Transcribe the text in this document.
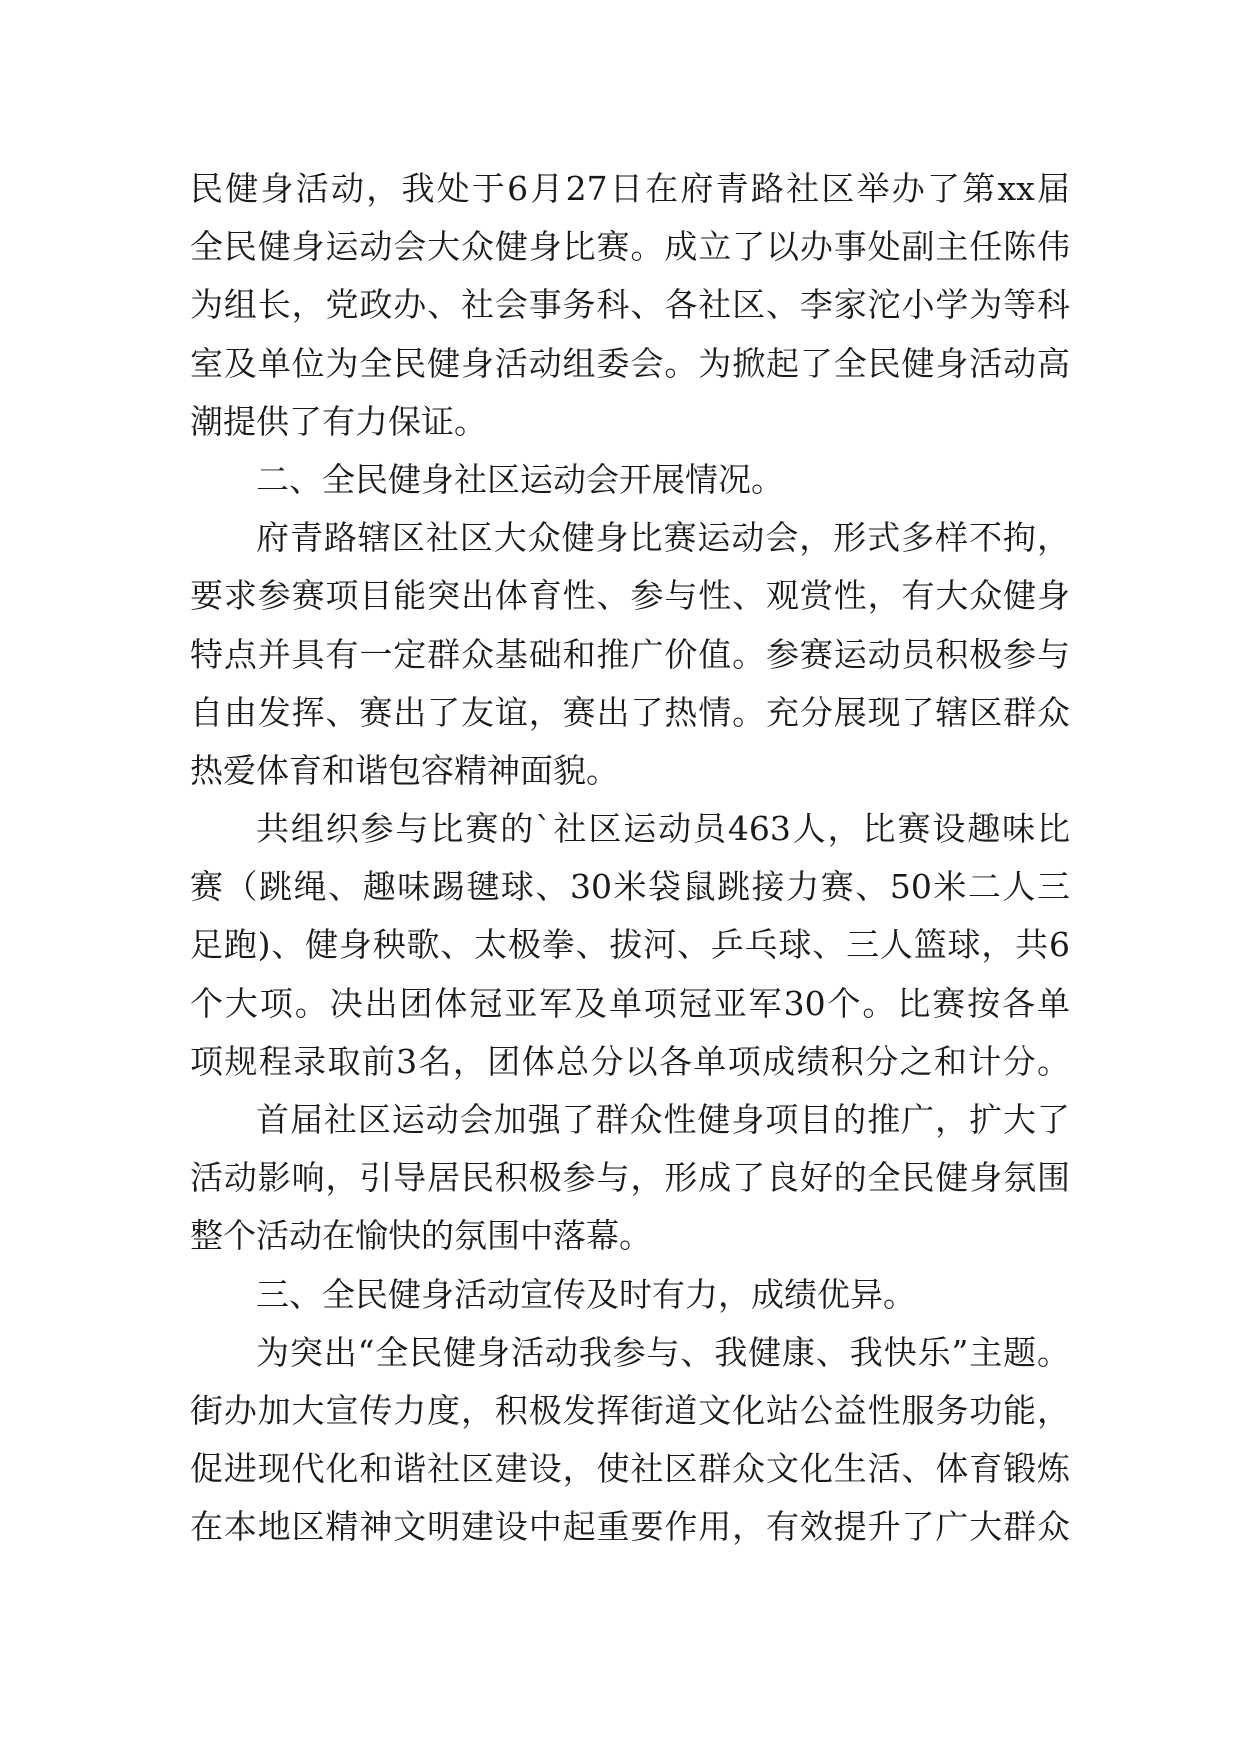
民健身活动，我处于6月27日在府青路社区举办了第xx届
全民健身运动会大众健身比赛。成立了以办事处副主任陈伟
为组长，党政办、社会事务科、各社区、李家沱小学为等科
室及单位为全民健身活动组委会。为掀起了全民健身活动高
潮提供了有力保证。
二、全民健身社区运动会开展情况。
府青路辖区社区大众健身比赛运动会，形式多样不拘，
要求参赛项目能突出体育性、参与性、观赏性，有大众健身
特点并具有一定群众基础和推广价值。参赛运动员积极参与
自由发挥、赛出了友谊，赛出了热情。充分展现了辖区群众
热爱体育和谐包容精神面貌。
共组织参与比赛的`社区运动员463人，比赛设趣味比
赛（跳绳、趣味踢毽球、30米袋鼠跳接力赛、50米二人三
足跑)、健身秧歌、太极拳、拔河、乒乓球、三人篮球，共6
个大项。决出团体冠亚军及单项冠亚军30个。比赛按各单
项规程录取前3名，团体总分以各单项成绩积分之和计分。
首届社区运动会加强了群众性健身项目的推广，扩大了
活动影响，引导居民积极参与，形成了良好的全民健身氛围
整个活动在愉快的氛围中落幕。
三、全民健身活动宣传及时有力，成绩优异。
为突出“全民健身活动我参与、我健康、我快乐”主题。
街办加大宣传力度，积极发挥街道文化站公益性服务功能，
促进现代化和谐社区建设，使社区群众文化生活、体育锻炼
在本地区精神文明建设中起重要作用，有效提升了广大群众
